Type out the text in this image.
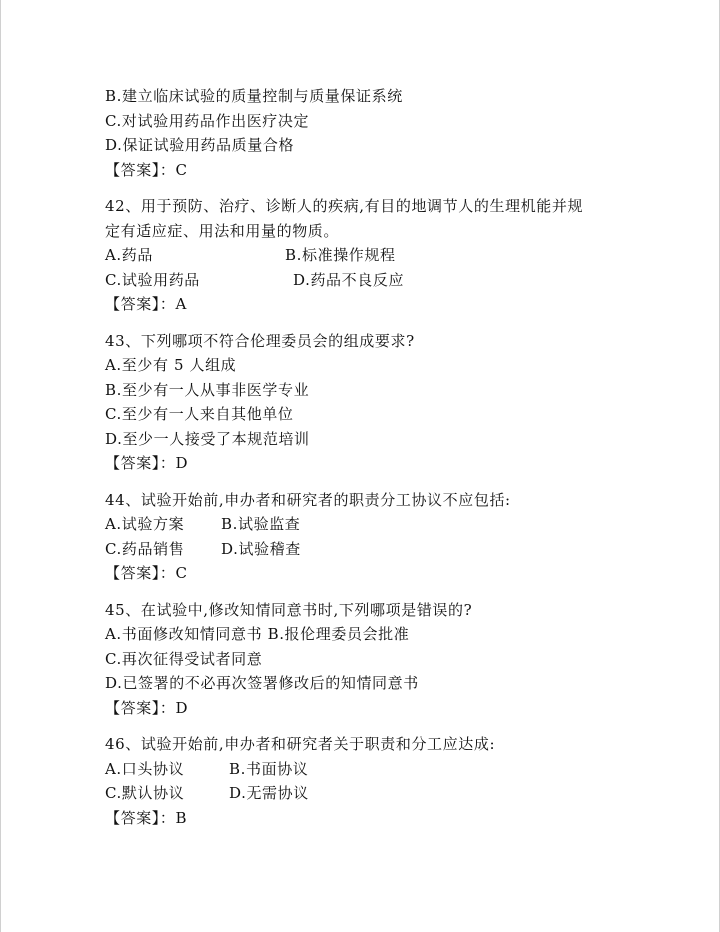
B.建立临床试验的质量控制与质量保证系统
C.对试验用药品作出医疗决定
D.保证试验用药品质量合格
【答案】：C
42、用于预防、治疗、诊断人的疾病,有目的地调节人的生理机能并规
定有适应症、用法和用量的物质。
A.药品	B.标准操作规程
C.试验用药品	D.药品不良反应
【答案】：A
43、下列哪项不符合伦理委员会的组成要求?
A.至少有 5 人组成
B.至少有一人从事非医学专业
C.至少有一人来自其他单位
D.至少一人接受了本规范培训
【答案】：D
44、试验开始前,申办者和研究者的职责分工协议不应包括:
A.试验方案 B.试验监查
C.药品销售 D.试验稽查
【答案】：C
45、在试验中,修改知情同意书时,下列哪项是错误的?
A.书面修改知情同意书 B.报伦理委员会批准
C.再次征得受试者同意
D.已签署的不必再次签署修改后的知情同意书
【答案】：D
46、试验开始前,申办者和研究者关于职责和分工应达成:
A.口头协议	B.书面协议
C.默认协议	D.无需协议
【答案】：B
